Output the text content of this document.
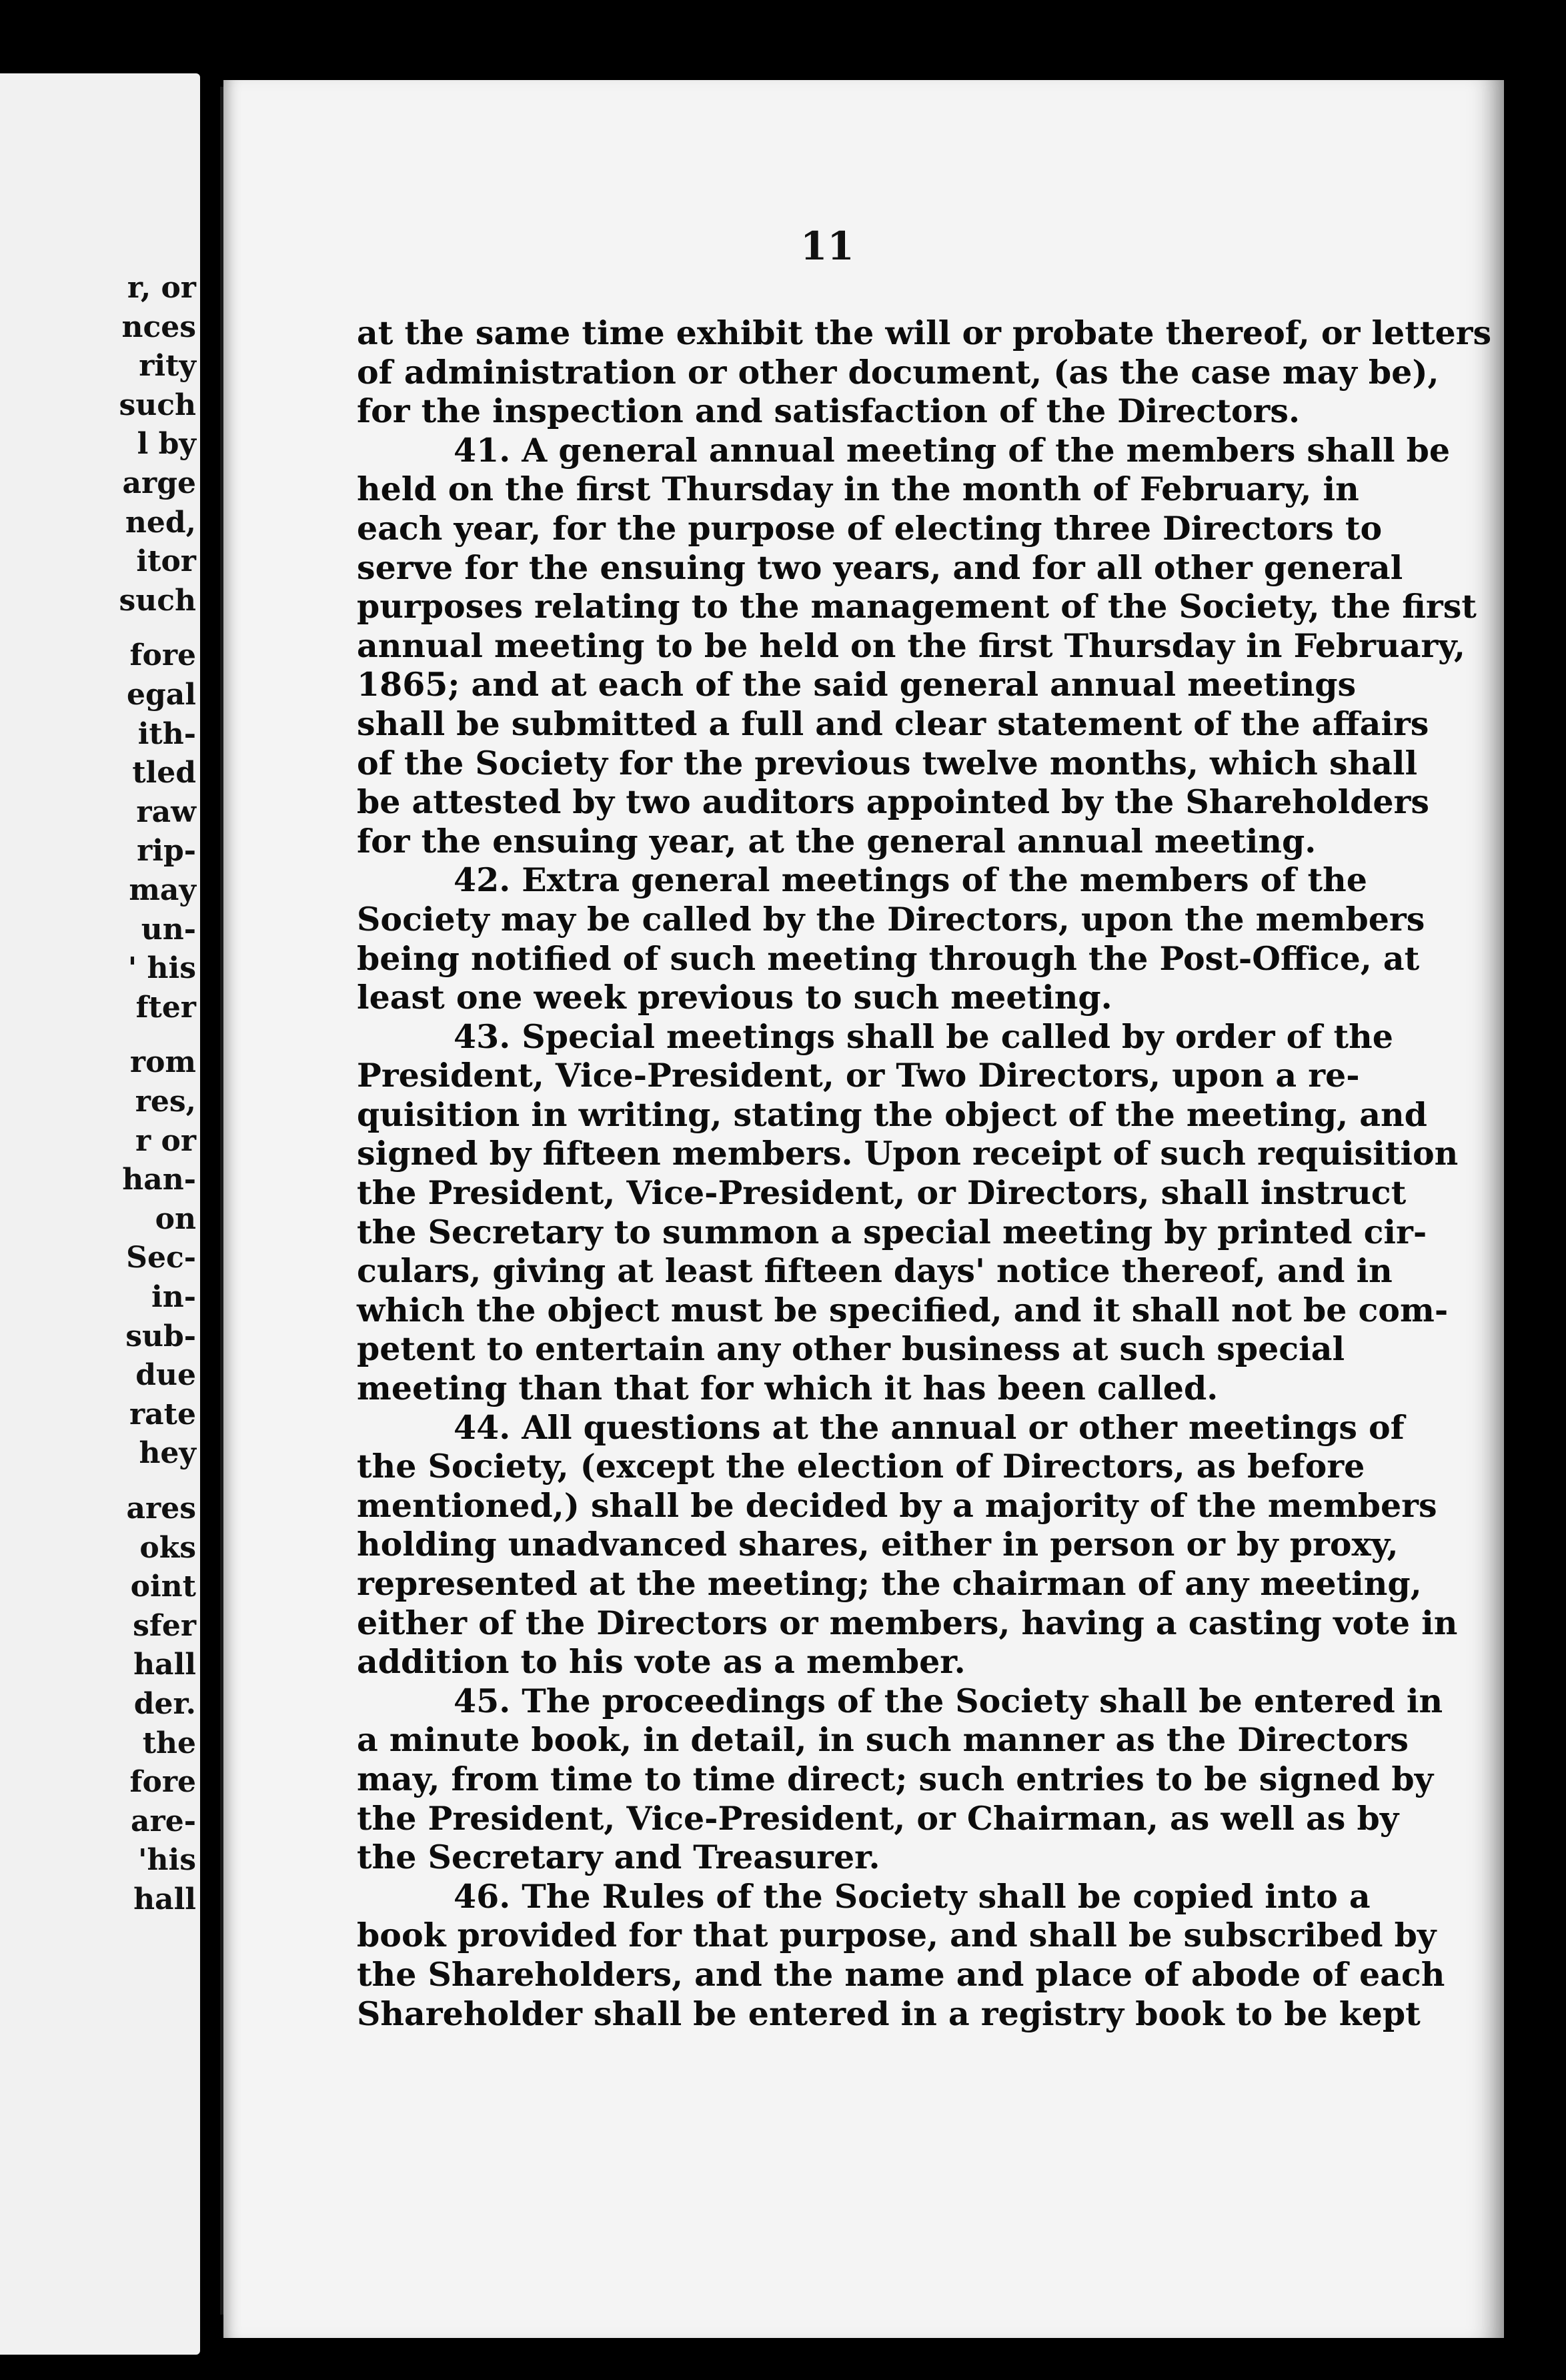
r, or
nces
rity
such
l by
arge
ned,
itor
such
fore
egal
ith-
tled
raw
rip-
may
un-
' his
fter
rom
res,
r or
han-
on
Sec-
in-
sub-
due
rate
hey
ares
oks
oint
sfer
hall
der.
the
fore
are-
'his
hall
11
at the same time exhibit the will or probate thereof, or letters
of administration or other document, (as the case may be),
for the inspection and satisfaction of the Directors.
41. A general annual meeting of the members shall be
held on the first Thursday in the month of February, in
each year, for the purpose of electing three Directors to
serve for the ensuing two years, and for all other general
purposes relating to the management of the Society, the first
annual meeting to be held on the first Thursday in February,
1865; and at each of the said general annual meetings
shall be submitted a full and clear statement of the affairs
of the Society for the previous twelve months, which shall
be attested by two auditors appointed by the Shareholders
for the ensuing year, at the general annual meeting.
42. Extra general meetings of the members of the
Society may be called by the Directors, upon the members
being notified of such meeting through the Post-Office, at
least one week previous to such meeting.
43. Special meetings shall be called by order of the
President, Vice-President, or Two Directors, upon a re-
quisition in writing, stating the object of the meeting, and
signed by fifteen members. Upon receipt of such requisition
the President, Vice-President, or Directors, shall instruct
the Secretary to summon a special meeting by printed cir-
culars, giving at least fifteen days' notice thereof, and in
which the object must be specified, and it shall not be com-
petent to entertain any other business at such special
meeting than that for which it has been called.
44. All questions at the annual or other meetings of
the Society, (except the election of Directors, as before
mentioned,) shall be decided by a majority of the members
holding unadvanced shares, either in person or by proxy,
represented at the meeting; the chairman of any meeting,
either of the Directors or members, having a casting vote in
addition to his vote as a member.
45. The proceedings of the Society shall be entered in
a minute book, in detail, in such manner as the Directors
may, from time to time direct; such entries to be signed by
the President, Vice-President, or Chairman, as well as by
the Secretary and Treasurer.
46. The Rules of the Society shall be copied into a
book provided for that purpose, and shall be subscribed by
the Shareholders, and the name and place of abode of each
Shareholder shall be entered in a registry book to be kept
